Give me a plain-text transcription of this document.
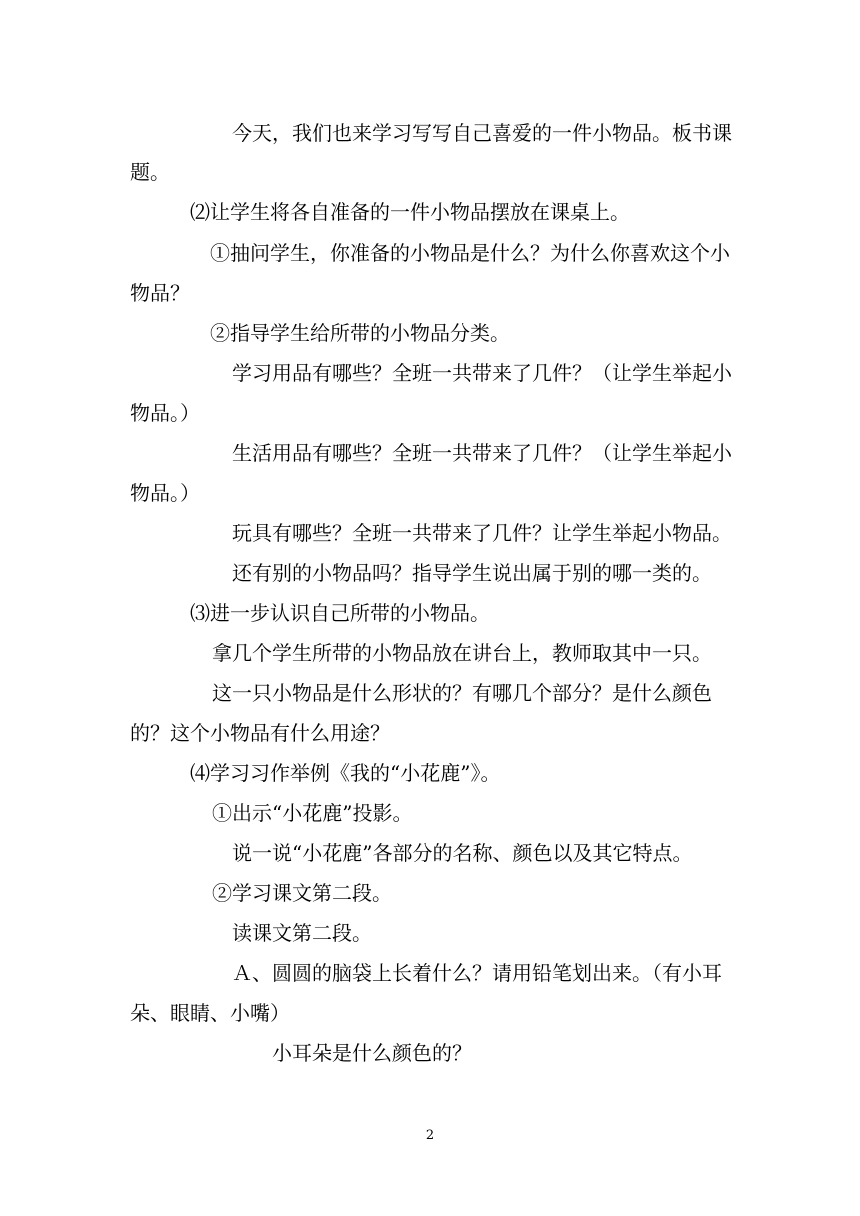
今天，我们也来学习写写自己喜爱的一件小物品。板书课
题。
⑵让学生将各自准备的一件小物品摆放在课桌上。
①抽问学生，你准备的小物品是什么？为什么你喜欢这个小
物品？
②指导学生给所带的小物品分类。
学习用品有哪些？全班一共带来了几件？（让学生举起小
物品。）
生活用品有哪些？全班一共带来了几件？（让学生举起小
物品。）
玩具有哪些？全班一共带来了几件？让学生举起小物品。
还有别的小物品吗？指导学生说出属于别的哪一类的。
⑶进一步认识自己所带的小物品。
拿几个学生所带的小物品放在讲台上，教师取其中一只。
这一只小物品是什么形状的？有哪几个部分？是什么颜色
的？这个小物品有什么用途？
⑷学习习作举例《我的“小花鹿”》。
①出示“小花鹿”投影。
说一说“小花鹿”各部分的名称、颜色以及其它特点。
②学习课文第二段。
读课文第二段。
Ａ、圆圆的脑袋上长着什么？请用铅笔划出来。（有小耳
朵、眼睛、小嘴）
小耳朵是什么颜色的？
2
